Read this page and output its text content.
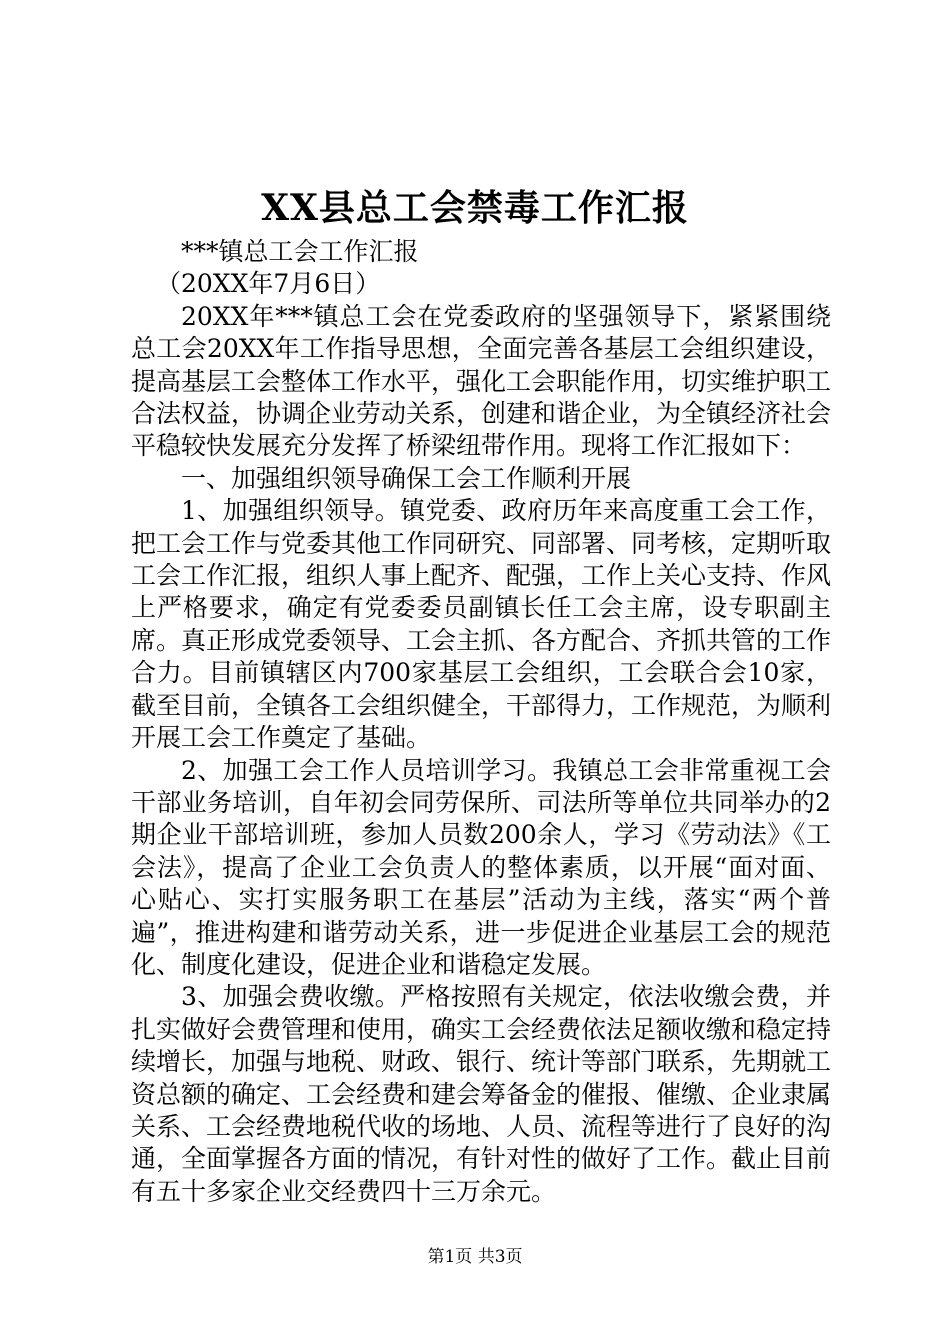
XX县总工会禁毒工作汇报

***镇总工会工作汇报

（20XX年7月6日）

20XX年***镇总工会在党委政府的坚强领导下，紧紧围绕总工会20XX年工作指导思想，全面完善各基层工会组织建设，提高基层工会整体工作水平，强化工会职能作用，切实维护职工合法权益，协调企业劳动关系，创建和谐企业，为全镇经济社会平稳较快发展充分发挥了桥梁纽带作用。现将工作汇报如下：

一、加强组织领导确保工会工作顺利开展

1、加强组织领导。镇党委、政府历年来高度重工会工作，把工会工作与党委其他工作同研究、同部署、同考核，定期听取工会工作汇报，组织人事上配齐、配强，工作上关心支持、作风上严格要求，确定有党委委员副镇长任工会主席，设专职副主席。真正形成党委领导、工会主抓、各方配合、齐抓共管的工作合力。目前镇辖区内700家基层工会组织，工会联合会10家，截至目前，全镇各工会组织健全，干部得力，工作规范，为顺利开展工会工作奠定了基础。

2、加强工会工作人员培训学习。我镇总工会非常重视工会干部业务培训，自年初会同劳保所、司法所等单位共同举办的2期企业干部培训班，参加人员数200余人，学习《劳动法》《工会法》，提高了企业工会负责人的整体素质，以开展“面对面、心贴心、实打实服务职工在基层”活动为主线，落实“两个普遍”，推进构建和谐劳动关系，进一步促进企业基层工会的规范化、制度化建设，促进企业和谐稳定发展。

3、加强会费收缴。严格按照有关规定，依法收缴会费，并扎实做好会费管理和使用，确实工会经费依法足额收缴和稳定持续增长，加强与地税、财政、银行、统计等部门联系，先期就工资总额的确定、工会经费和建会筹备金的催报、催缴、企业隶属关系、工会经费地税代收的场地、人员、流程等进行了良好的沟通，全面掌握各方面的情况，有针对性的做好了工作。截止目前有五十多家企业交经费四十三万余元。

第1页 共3页
